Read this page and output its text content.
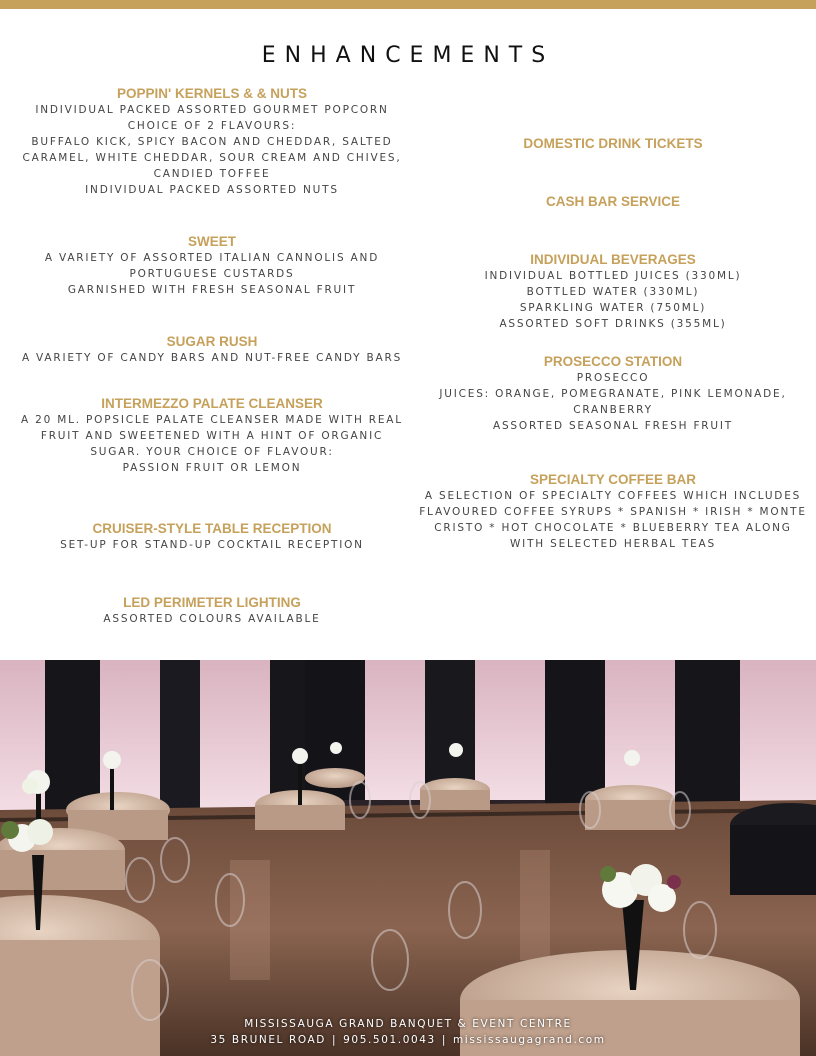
ENHANCEMENTS

POPPIN' KERNELS & & NUTS

INDIVIDUAL PACKED ASSORTED GOURMET POPCORN

CHOICE OF 2 FLAVOURS:

BUFFALO KICK, SPICY BACON AND CHEDDAR, SALTED

CARAMEL, WHITE CHEDDAR, SOUR CREAM AND CHIVES,

CANDIED TOFFEE

INDIVIDUAL PACKED ASSORTED NUTS

SWEET

A VARIETY OF ASSORTED ITALIAN CANNOLIS AND

PORTUGUESE CUSTARDS

GARNISHED WITH FRESH SEASONAL FRUIT

SUGAR RUSH

A VARIETY OF CANDY BARS AND NUT-FREE CANDY BARS

INTERMEZZO PALATE CLEANSER

A 20 ML. POPSICLE PALATE CLEANSER MADE WITH REAL

FRUIT AND SWEETENED WITH A HINT OF ORGANIC

SUGAR. YOUR CHOICE OF FLAVOUR:

PASSION FRUIT OR LEMON

CRUISER-STYLE TABLE RECEPTION

SET-UP FOR STAND-UP COCKTAIL RECEPTION

LED PERIMETER LIGHTING

ASSORTED COLOURS AVAILABLE

DOMESTIC DRINK TICKETS

CASH BAR SERVICE

INDIVIDUAL BEVERAGES

INDIVIDUAL BOTTLED JUICES (330ML)

BOTTLED WATER (330ML)

SPARKLING WATER (750ML)

ASSORTED SOFT DRINKS (355ML)

PROSECCO STATION

PROSECCO

JUICES: ORANGE, POMEGRANATE, PINK LEMONADE,

CRANBERRY

ASSORTED SEASONAL FRESH FRUIT

SPECIALTY COFFEE BAR

A SELECTION OF SPECIALTY COFFEES WHICH INCLUDES

FLAVOURED COFFEE SYRUPS * SPANISH * IRISH * MONTE

CRISTO * HOT CHOCOLATE * BLUEBERRY TEA ALONG

WITH SELECTED HERBAL TEAS

MISSISSAUGA GRAND BANQUET & EVENT CENTRE
35 BRUNEL ROAD | 905.501.0043 | mississaugagrand.com
